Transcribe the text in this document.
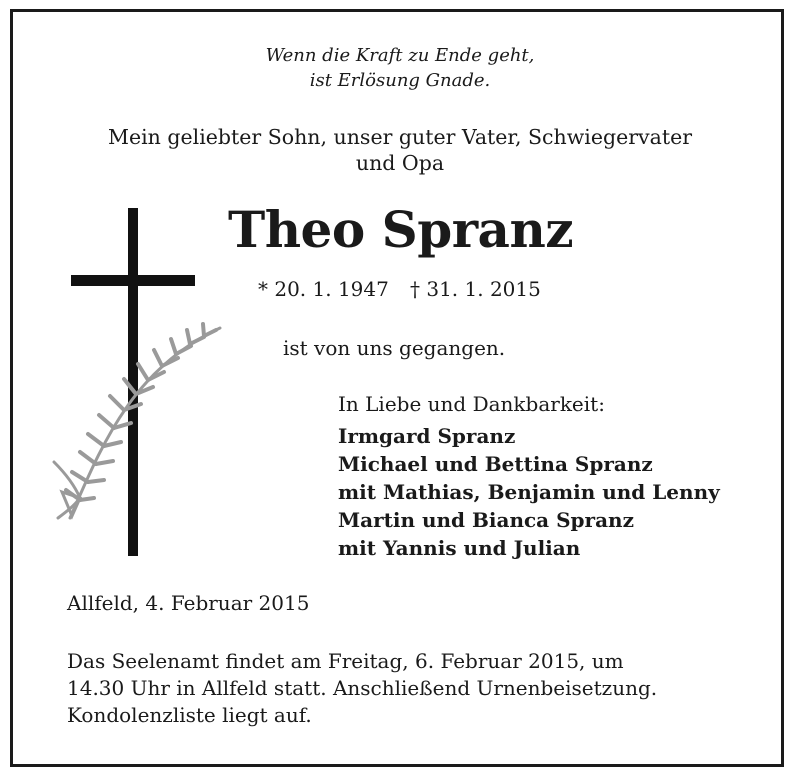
Wenn die Kraft zu Ende geht,
ist Erlösung Gnade.
Mein geliebter Sohn, unser guter Vater, Schwiegervater
und Opa
Theo Spranz
* 20. 1. 1947 † 31. 1. 2015
ist von uns gegangen.
In Liebe und Dankbarkeit:
Irmgard Spranz
Michael und Bettina Spranz
mit Mathias, Benjamin und Lenny
Martin und Bianca Spranz
mit Yannis und Julian
Allfeld, 4. Februar 2015
Das Seelenamt findet am Freitag, 6. Februar 2015, um
14.30 Uhr in Allfeld statt. Anschließend Urnenbeisetzung.
Kondolenzliste liegt auf.
